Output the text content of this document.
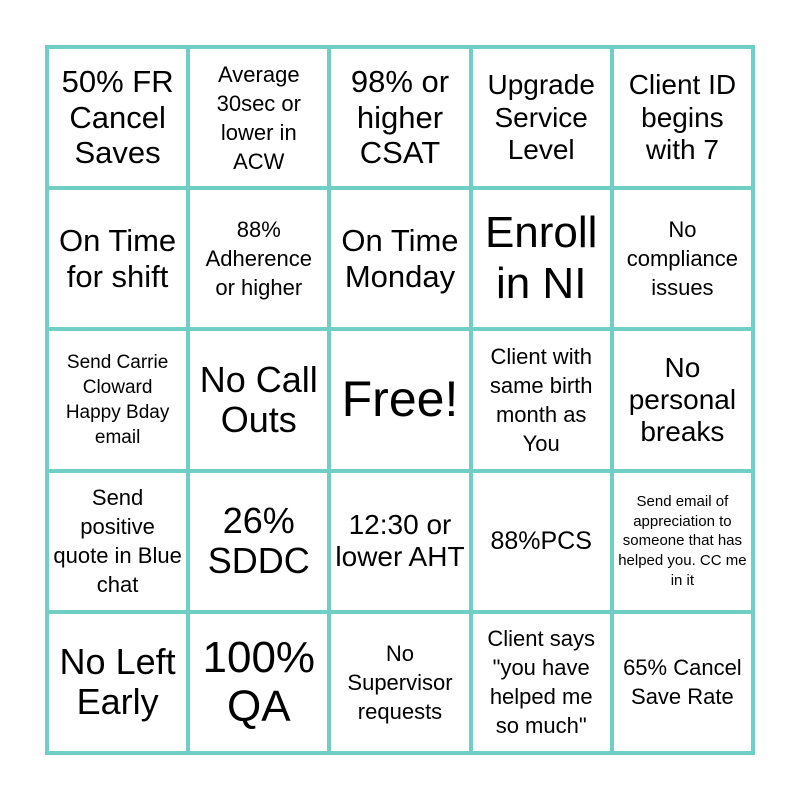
50% FR Cancel Saves
Average 30sec or lower in ACW
98% or higher CSAT
Upgrade Service Level
Client ID begins with 7
On Time for shift
88% Adherence or higher
On Time Monday
Enroll in NI
No compliance issues
Send Carrie Cloward Happy Bday email
No Call Outs Free!
Client with same birth month as You
No personal breaks
Send positive quote in Blue chat
26% SDDC
12:30 or lower AHT
88%PCS
Send email of appreciation to someone that has helped you. CC me in it
No Left Early
100% QA
No Supervisor requests
Client says "you have helped me so much"
65% Cancel Save Rate
